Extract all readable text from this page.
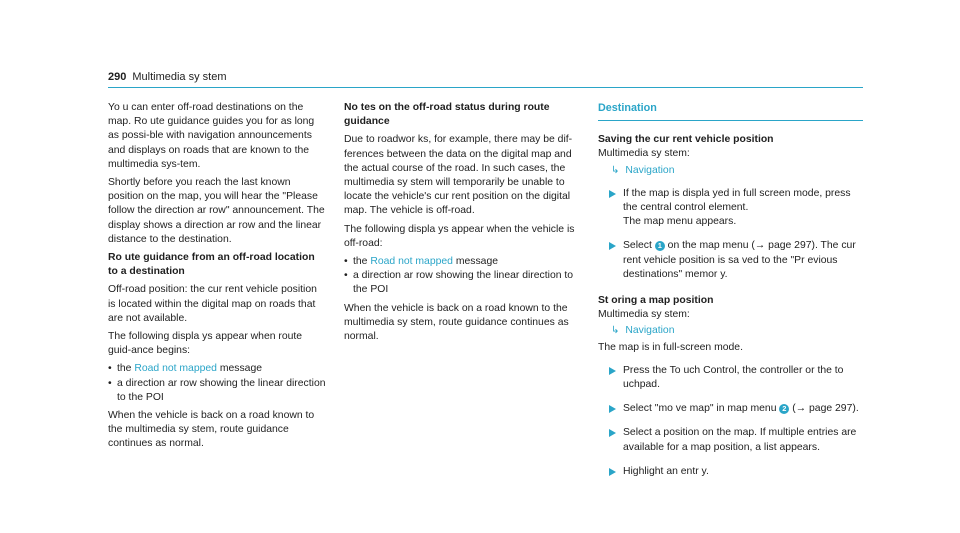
290 Multimedia sy stem

Yo u can enter off-road destinations on the map. Ro ute guidance guides you for as long as possi-ble with navigation announcements and displays on roads that are known to the multimedia sys-tem.

Shortly before you reach the last known position on the map, you will hear the "Please follow the direction ar row" announcement. The display shows a direction ar row and the linear distance to the destination.

Ro ute guidance from an off-road location to a destination

Off-road position: the cur rent vehicle position is located within the digital map on roads that are not available.

The following displa ys appear when route guid-ance begins:

• the Road not mapped message
• a direction ar row showing the linear direction to the POI

When the vehicle is back on a road known to the multimedia sy stem, route guidance continues as normal.

No tes on the off-road status during route guidance

Due to roadwor ks, for example, there may be dif-ferences between the data on the digital map and the actual course of the road. In such cases, the multimedia sy stem will temporarily be unable to locate the vehicle's cur rent position on the digital map. The vehicle is off-road.

The following displa ys appear when the vehicle is off-road:

• the Road not mapped message
• a direction ar row showing the linear direction to the POI

When the vehicle is back on a road known to the multimedia sy stem, route guidance continues as normal.

Destination

Saving the cur rent vehicle position

Multimedia sy stem:

↳ Navigation

If the map is displa yed in full screen mode, press the central control element.
The map menu appears.
Select 1 on the map menu (→ page 297). The cur rent vehicle position is sa ved to the "Pr evious destinations" memor y.

St oring a map position

Multimedia sy stem:

↳ Navigation

The map is in full-screen mode.

Press the To uch Control, the controller or the to uchpad.
Select "mo ve map" in map menu 2 (→ page 297).
Select a position on the map. If multiple entries are available for a map position, a list appears.
Highlight an entr y.
